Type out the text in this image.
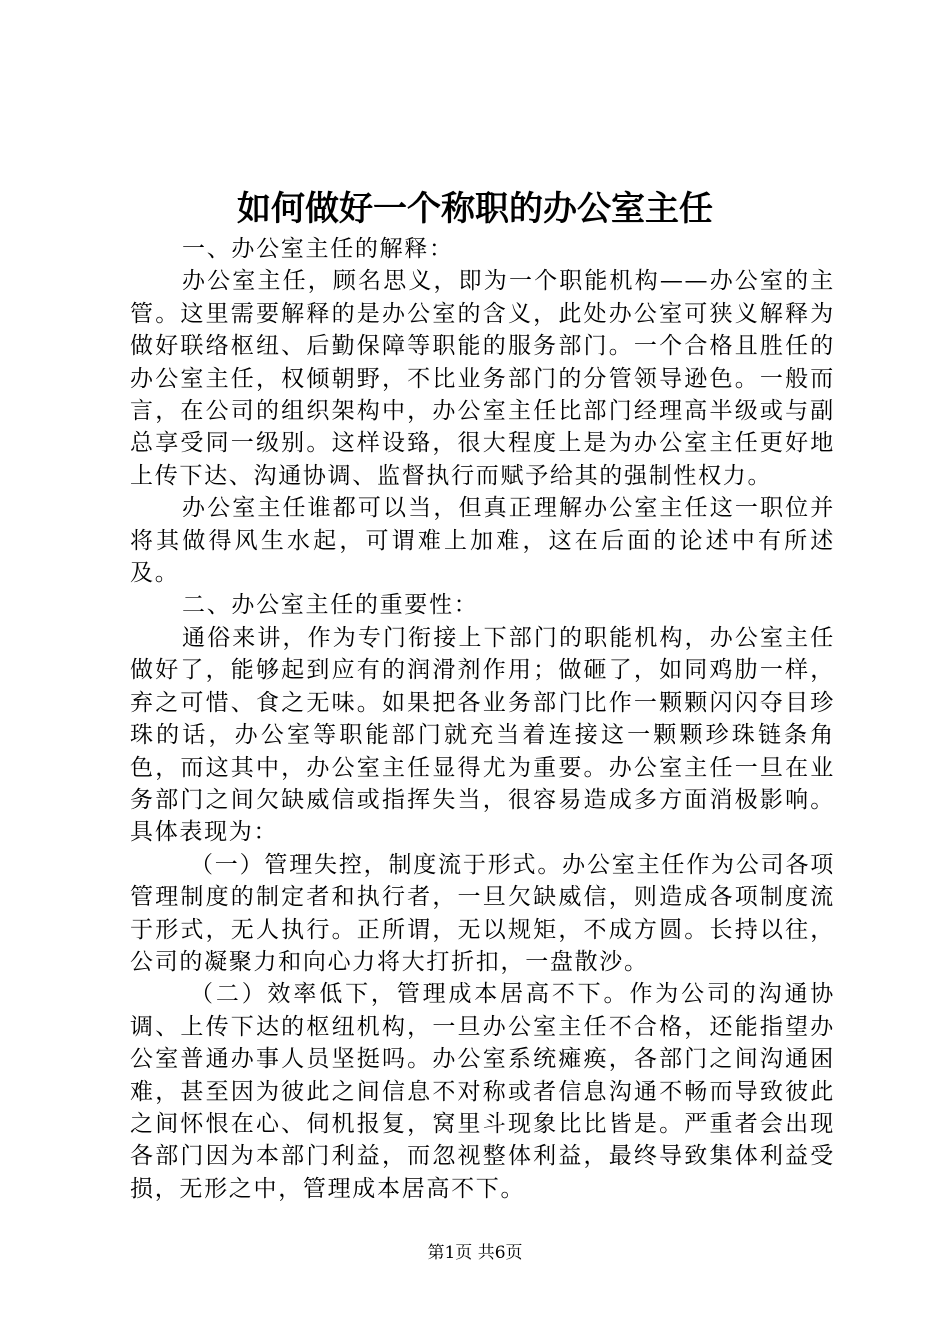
如何做好一个称职的办公室主任

一、办公室主任的解释：

办公室主任，顾名思义，即为一个职能机构——办公室的主管。这里需要解释的是办公室的含义，此处办公室可狭义解释为做好联络枢纽、后勤保障等职能的服务部门。一个合格且胜任的办公室主任，权倾朝野，不比业务部门的分管领导逊色。一般而言，在公司的组织架构中，办公室主任比部门经理高半级或与副总享受同一级别。这样设臵，很大程度上是为办公室主任更好地上传下达、沟通协调、监督执行而赋予给其的强制性权力。

办公室主任谁都可以当，但真正理解办公室主任这一职位并将其做得风生水起，可谓难上加难，这在后面的论述中有所述及。

二、办公室主任的重要性：

通俗来讲，作为专门衔接上下部门的职能机构，办公室主任做好了，能够起到应有的润滑剂作用；做砸了，如同鸡肋一样，弃之可惜、食之无味。如果把各业务部门比作一颗颗闪闪夺目珍珠的话，办公室等职能部门就充当着连接这一颗颗珍珠链条角色，而这其中，办公室主任显得尤为重要。办公室主任一旦在业务部门之间欠缺威信或指挥失当，很容易造成多方面消极影响。具体表现为：

（一）管理失控，制度流于形式。办公室主任作为公司各项管理制度的制定者和执行者，一旦欠缺威信，则造成各项制度流于形式，无人执行。正所谓，无以规矩，不成方圆。长持以往，公司的凝聚力和向心力将大打折扣，一盘散沙。

（二）效率低下，管理成本居高不下。作为公司的沟通协调、上传下达的枢纽机构，一旦办公室主任不合格，还能指望办公室普通办事人员坚挺吗。办公室系统瘫痪，各部门之间沟通困难，甚至因为彼此之间信息不对称或者信息沟通不畅而导致彼此之间怀恨在心、伺机报复，窝里斗现象比比皆是。严重者会出现各部门因为本部门利益，而忽视整体利益，最终导致集体利益受损，无形之中，管理成本居高不下。

第1页 共6页
